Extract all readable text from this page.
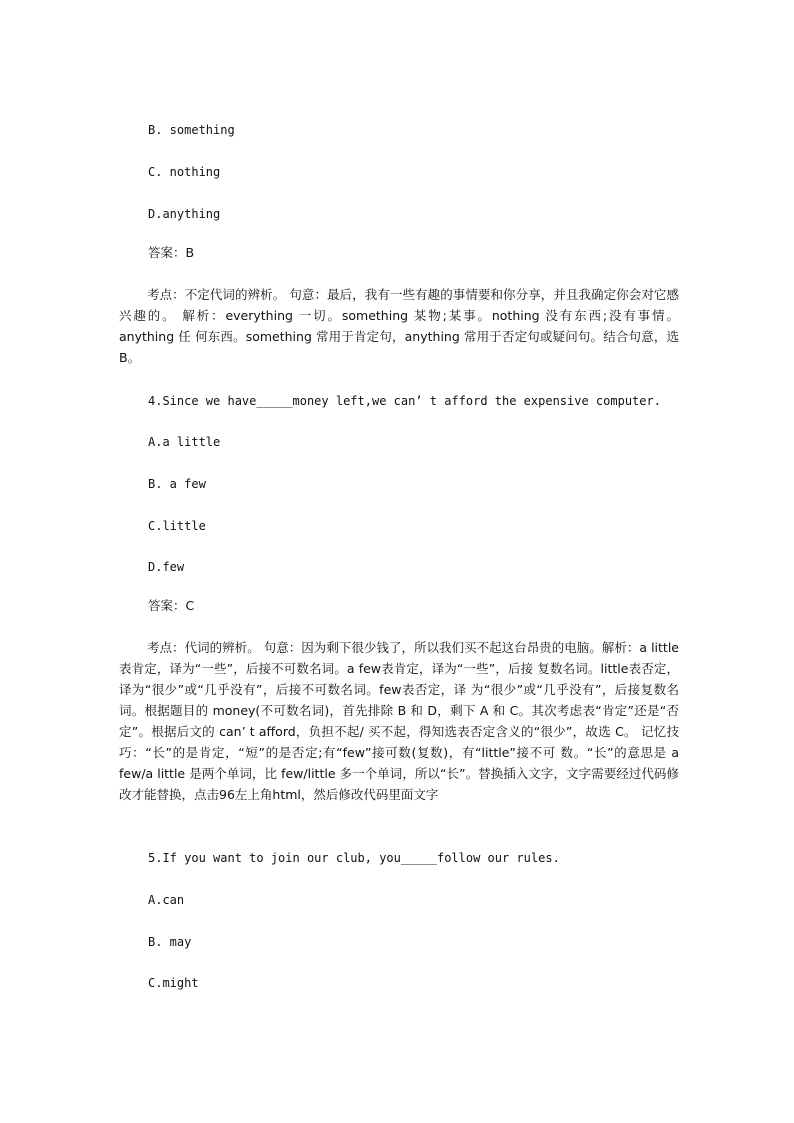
B. something
C. nothing
D.anything
答案：B
考点：不定代词的辨析。 句意：最后，我有一些有趣的事情要和你分享，并且我确定你会对它感兴趣的。 解析：everything 一切。something 某物;某事。nothing 没有东西;没有事情。anything 任 何东西。something 常用于肯定句，anything 常用于否定句或疑问句。结合句意，选 B。
4.Since we have_____money left,we can’ t afford the expensive computer.
A.a little
B. a few
C.little
D.few
答案：C
考点：代词的辨析。 句意：因为剩下很少钱了，所以我们买不起这台昂贵的电脑。解析：a little表肯定，译为“一些”，后接不可数名词。a few表肯定，译为“一些”，后接 复数名词。little表否定，译为“很少”或“几乎没有”，后接不可数名词。few表否定，译 为“很少”或“几乎没有”，后接复数名词。根据题目的 money(不可数名词)，首先排除 B 和 D，剩下 A 和 C。其次考虑表“肯定”还是“否定”。根据后文的 can’ t afford，负担不起/ 买不起，得知选表否定含义的“很少”，故选 C。 记忆技巧：“长”的是肯定，“短”的是否定;有“few”接可数(复数)，有“little”接不可 数。“长”的意思是 a few/a little 是两个单词，比 few/little 多一个单词，所以“长”。替换插入文字，文字需要经过代码修改才能替换，点击96左上角html，然后修改代码里面文字
5.If you want to join our club, you_____follow our rules.
A.can
B. may
C.might
